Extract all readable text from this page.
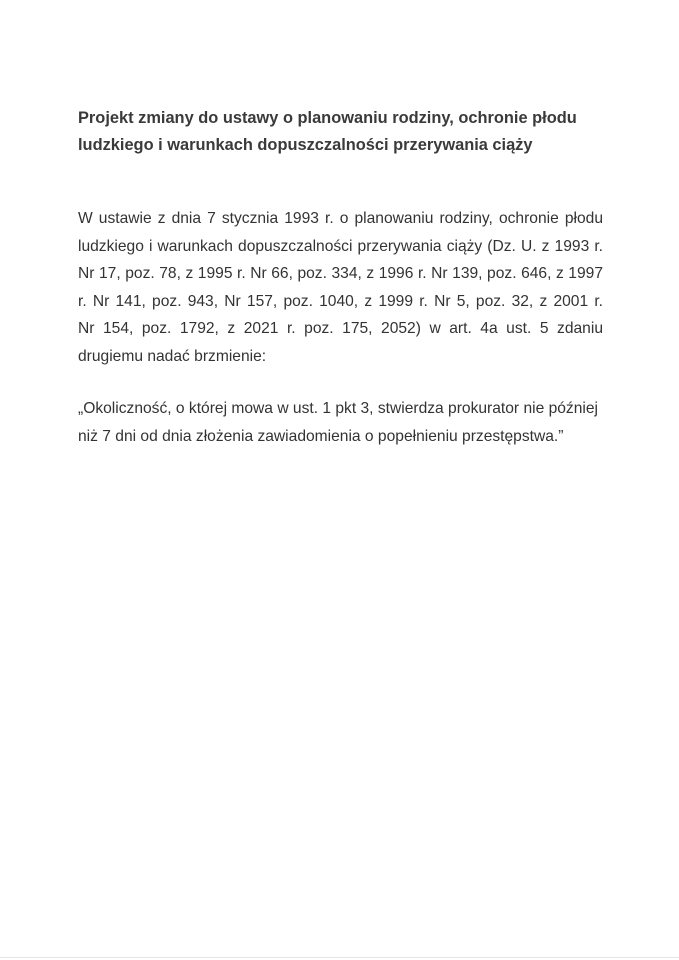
Projekt zmiany do ustawy o planowaniu rodziny, ochronie płodu
ludzkiego i warunkach dopuszczalności przerywania ciąży

W ustawie z dnia 7 stycznia 1993 r. o planowaniu rodziny, ochronie płodu
ludzkiego i warunkach dopuszczalności przerywania ciąży (Dz. U. z 1993 r.
Nr 17, poz. 78, z 1995 r. Nr 66, poz. 334, z 1996 r. Nr 139, poz. 646, z 1997
r. Nr 141, poz. 943, Nr 157, poz. 1040, z 1999 r. Nr 5, poz. 32, z 2001 r.
Nr 154, poz. 1792, z 2021 r. poz. 175, 2052) w art. 4a ust. 5 zdaniu
drugiemu nadać brzmienie:

„Okoliczność, o której mowa w ust. 1 pkt 3, stwierdza prokurator nie później
niż 7 dni od dnia złożenia zawiadomienia o popełnieniu przestępstwa.”
